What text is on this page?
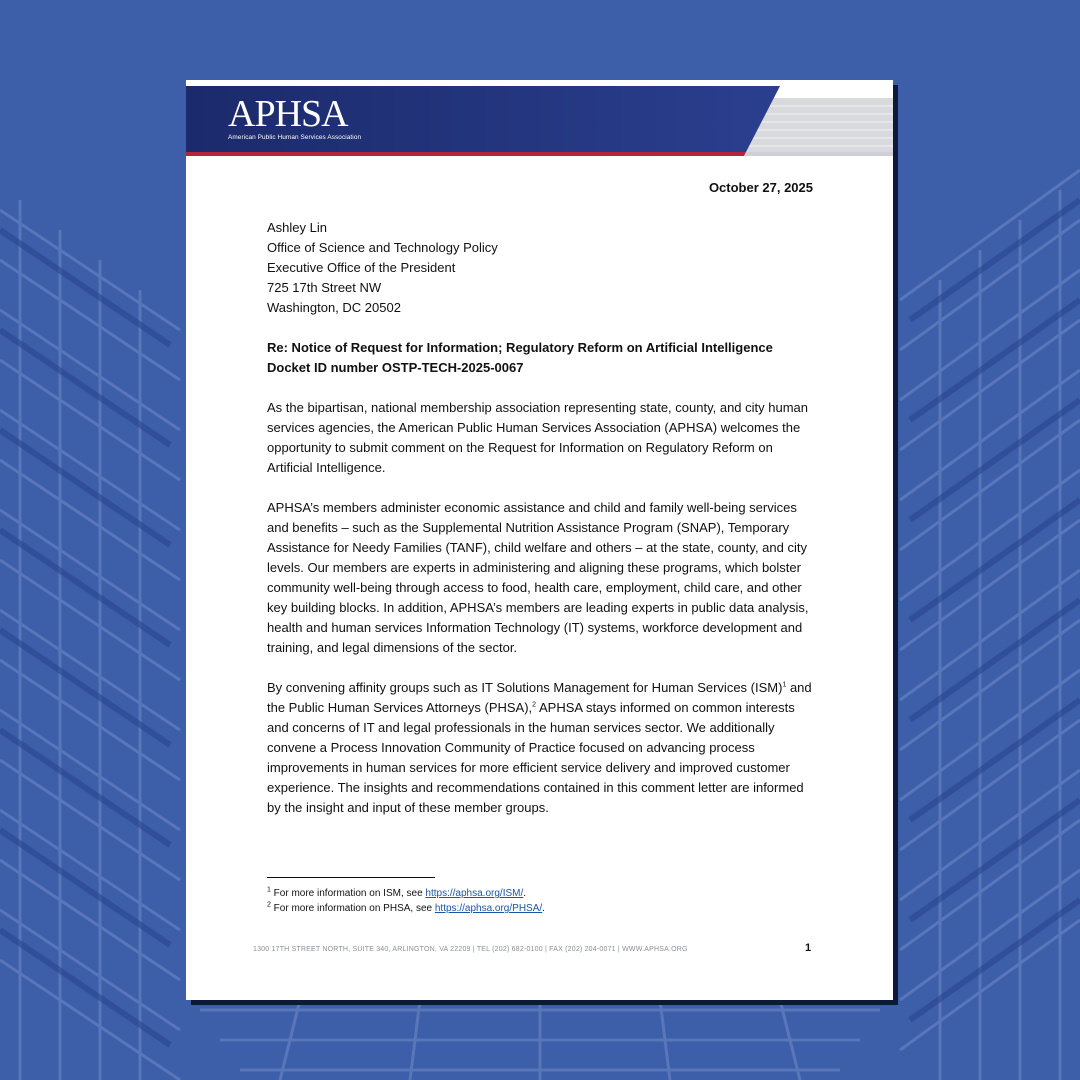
APHSA
American Public Human Services Association
October 27, 2025
Ashley Lin
Office of Science and Technology Policy
Executive Office of the President
725 17th Street NW
Washington, DC 20502
Re: Notice of Request for Information; Regulatory Reform on Artificial Intelligence
Docket ID number OSTP-TECH-2025-0067
As the bipartisan, national membership association representing state, county, and city human services agencies, the American Public Human Services Association (APHSA) welcomes the opportunity to submit comment on the Request for Information on Regulatory Reform on Artificial Intelligence.
APHSA’s members administer economic assistance and child and family well-being services and benefits – such as the Supplemental Nutrition Assistance Program (SNAP), Temporary Assistance for Needy Families (TANF), child welfare and others – at the state, county, and city levels. Our members are experts in administering and aligning these programs, which bolster community well-being through access to food, health care, employment, child care, and other key building blocks. In addition, APHSA’s members are leading experts in public data analysis, health and human services Information Technology (IT) systems, workforce development and training, and legal dimensions of the sector.
By convening affinity groups such as IT Solutions Management for Human Services (ISM)$^1$ and the Public Human Services Attorneys (PHSA),$^2$ APHSA stays informed on common interests and concerns of IT and legal professionals in the human services sector. We additionally convene a Process Innovation Community of Practice focused on advancing process improvements in human services for more efficient service delivery and improved customer experience. The insights and recommendations contained in this comment letter are informed by the insight and input of these member groups.
$^1$ For more information on ISM, see https://aphsa.org/ISM/.
$^2$ For more information on PHSA, see https://aphsa.org/PHSA/.
1300 17TH STREET NORTH, SUITE 340, ARLINGTON, VA 22209 | TEL (202) 682-0100 | FAX (202) 204-0071 | WWW.APHSA.ORG	1
